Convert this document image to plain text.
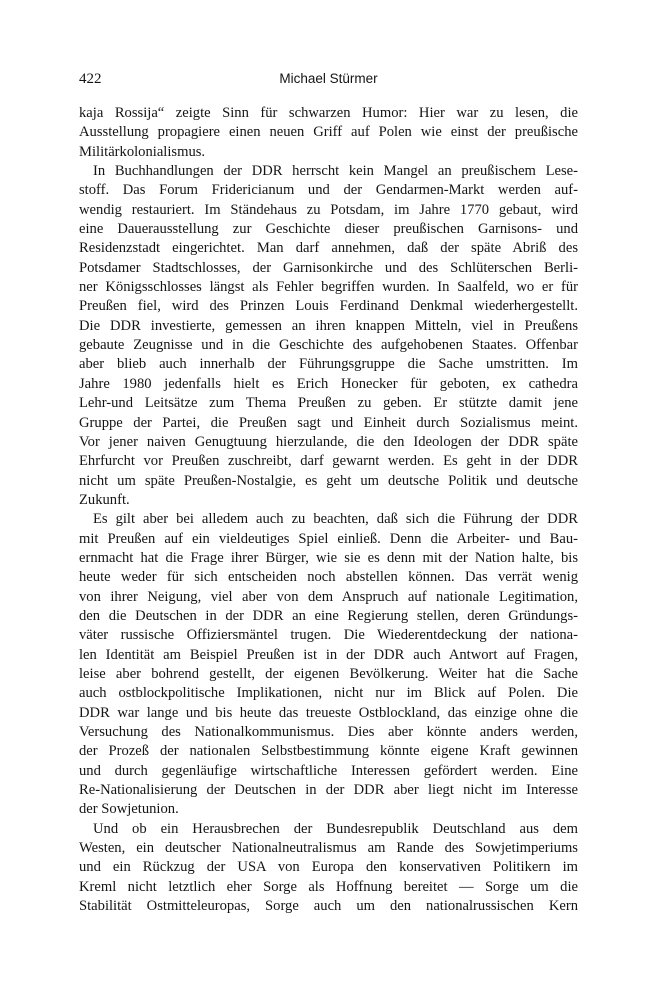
422	Michael Stürmer
kaja Rossija“ zeigte Sinn für schwarzen Humor: Hier war zu lesen, die
Ausstellung propagiere einen neuen Griff auf Polen wie einst der preußische
Militärkolonialismus.
In Buchhandlungen der DDR herrscht kein Mangel an preußischem Lese-
stoff. Das Forum Fridericianum und der Gendarmen-Markt werden auf-
wendig restauriert. Im Ständehaus zu Potsdam, im Jahre 1770 gebaut, wird
eine Dauerausstellung zur Geschichte dieser preußischen Garnisons- und
Residenzstadt eingerichtet. Man darf annehmen, daß der späte Abriß des
Potsdamer Stadtschlosses, der Garnisonkirche und des Schlüterschen Berli-
ner Königsschlosses längst als Fehler begriffen wurden. In Saalfeld, wo er für
Preußen fiel, wird des Prinzen Louis Ferdinand Denkmal wiederhergestellt.
Die DDR investierte, gemessen an ihren knappen Mitteln, viel in Preußens
gebaute Zeugnisse und in die Geschichte des aufgehobenen Staates. Offenbar
aber blieb auch innerhalb der Führungsgruppe die Sache umstritten. Im
Jahre 1980 jedenfalls hielt es Erich Honecker für geboten, ex cathedra
Lehr-und Leitsätze zum Thema Preußen zu geben. Er stützte damit jene
Gruppe der Partei, die Preußen sagt und Einheit durch Sozialismus meint.
Vor jener naiven Genugtuung hierzulande, die den Ideologen der DDR späte
Ehrfurcht vor Preußen zuschreibt, darf gewarnt werden. Es geht in der DDR
nicht um späte Preußen-Nostalgie, es geht um deutsche Politik und deutsche
Zukunft.
Es gilt aber bei alledem auch zu beachten, daß sich die Führung der DDR
mit Preußen auf ein vieldeutiges Spiel einließ. Denn die Arbeiter- und Bau-
ernmacht hat die Frage ihrer Bürger, wie sie es denn mit der Nation halte, bis
heute weder für sich entscheiden noch abstellen können. Das verrät wenig
von ihrer Neigung, viel aber von dem Anspruch auf nationale Legitimation,
den die Deutschen in der DDR an eine Regierung stellen, deren Gründungs-
väter russische Offiziersmäntel trugen. Die Wiederentdeckung der nationa-
len Identität am Beispiel Preußen ist in der DDR auch Antwort auf Fragen,
leise aber bohrend gestellt, der eigenen Bevölkerung. Weiter hat die Sache
auch ostblockpolitische Implikationen, nicht nur im Blick auf Polen. Die
DDR war lange und bis heute das treueste Ostblockland, das einzige ohne die
Versuchung des Nationalkommunismus. Dies aber könnte anders werden,
der Prozeß der nationalen Selbstbestimmung könnte eigene Kraft gewinnen
und durch gegenläufige wirtschaftliche Interessen gefördert werden. Eine
Re-Nationalisierung der Deutschen in der DDR aber liegt nicht im Interesse
der Sowjetunion.
Und ob ein Herausbrechen der Bundesrepublik Deutschland aus dem
Westen, ein deutscher Nationalneutralismus am Rande des Sowjetimperiums
und ein Rückzug der USA von Europa den konservativen Politikern im
Kreml nicht letztlich eher Sorge als Hoffnung bereitet — Sorge um die
Stabilität Ostmitteleuropas, Sorge auch um den nationalrussischen Kern
